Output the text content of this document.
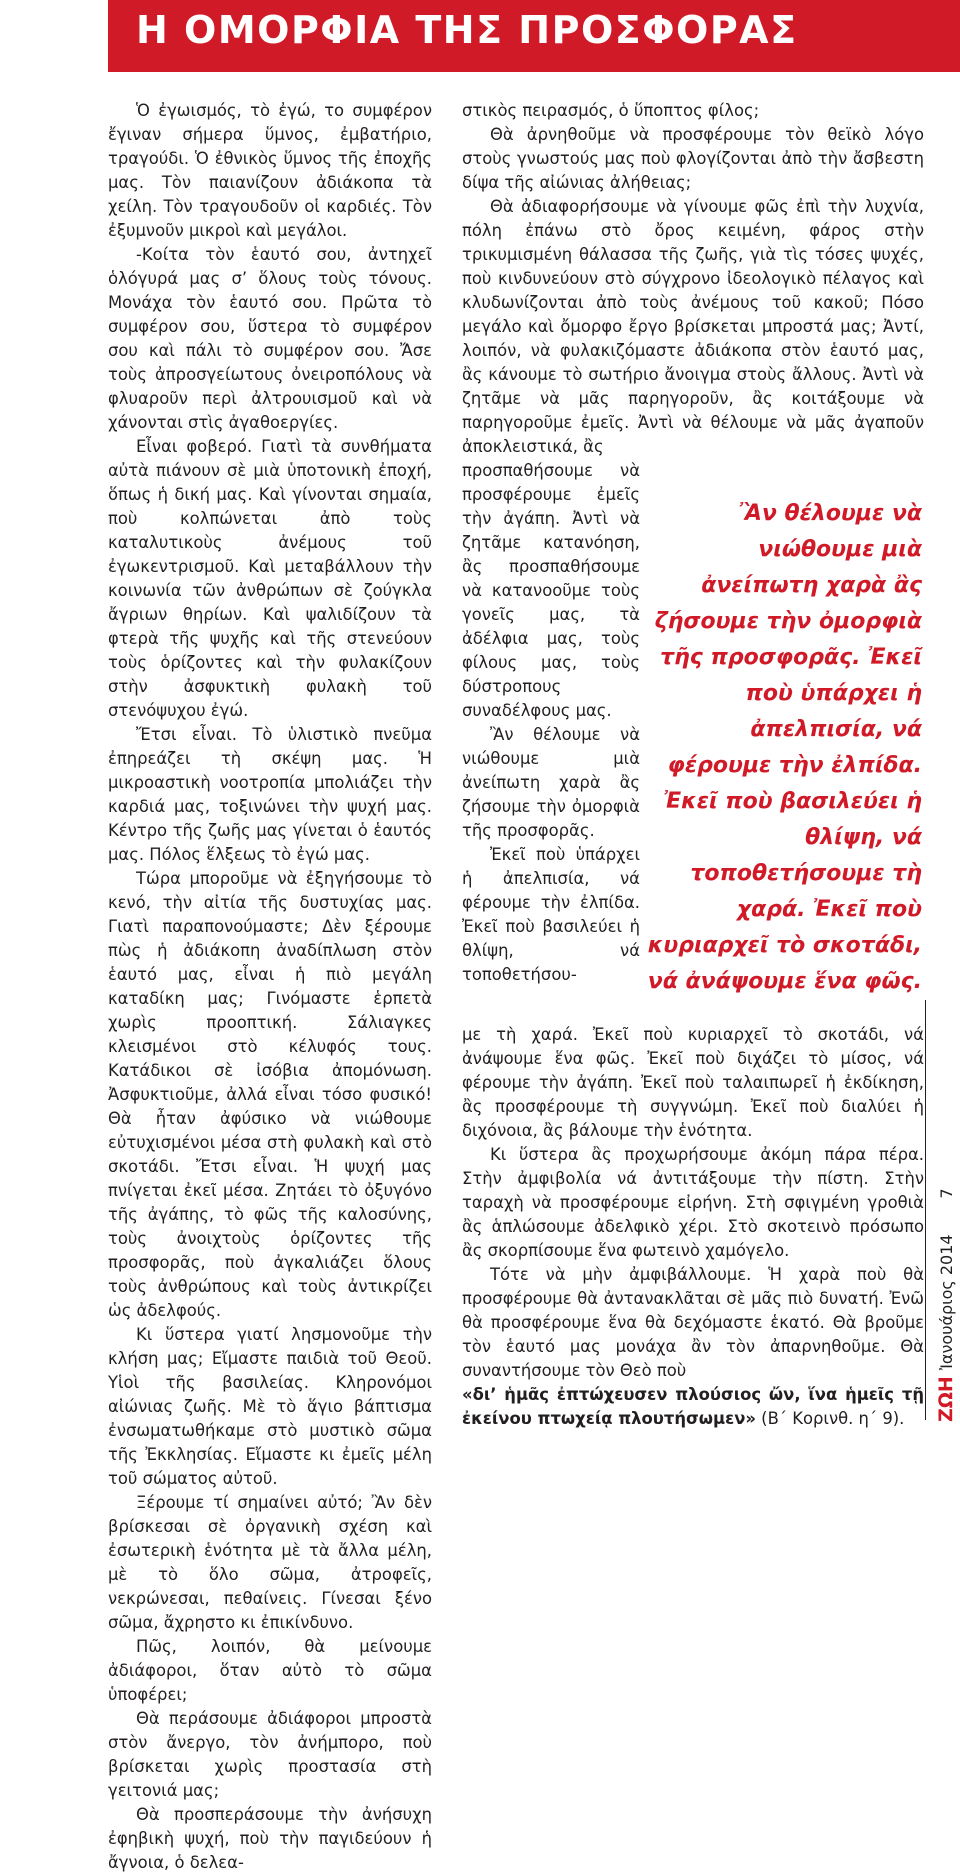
Η ΟΜΟΡΦΙΑ ΤΗΣ ΠΡΟΣΦΟΡΑΣ

Ὁ ἐγωισμός, τὸ ἐγώ, το συμφέρον ἔγιναν σήμερα ὕμνος, ἐμβατήριο, τραγούδι. Ὁ ἐθνικὸς ὕμνος τῆς ἐποχῆς μας. Τὸν παιανίζουν ἀδιάκοπα τὰ χείλη. Τὸν τραγουδοῦν οἱ καρδιές. Τὸν ἐξυμνοῦν μικροὶ καὶ μεγάλοι.

-Κοίτα τὸν ἑαυτό σου, ἀντηχεῖ ὁλόγυρά μας σ’ ὅλους τοὺς τόνους. Μονάχα τὸν ἑαυτό σου. Πρῶτα τὸ συμφέρον σου, ὕστερα τὸ συμφέρον σου καὶ πάλι τὸ συμφέρον σου. Ἄσε τοὺς ἀπροσγείωτους ὀνειροπόλους νὰ φλυαροῦν περὶ ἀλτρουισμοῦ καὶ νὰ χάνονται στὶς ἀγαθοεργίες.

Εἶναι φοβερό. Γιατὶ τὰ συνθήματα αὐτὰ πιάνουν σὲ μιὰ ὑποτονικὴ ἐποχή, ὅπως ἡ δική μας. Καὶ γίνονται σημαία, ποὺ κολπώνεται ἀπὸ τοὺς καταλυτικοὺς ἀνέμους τοῦ ἐγωκεντρισμοῦ. Καὶ μεταβάλλουν τὴν κοινωνία τῶν ἀνθρώπων σὲ ζούγκλα ἄγριων θηρίων. Καὶ ψαλιδίζουν τὰ φτερὰ τῆς ψυχῆς καὶ τῆς στενεύουν τοὺς ὁρίζοντες καὶ τὴν φυλακίζουν στὴν ἀσφυκτικὴ φυλακὴ τοῦ στενόψυχου ἐγώ.

Ἔτσι εἶναι. Τὸ ὑλιστικὸ πνεῦμα ἐπηρεάζει τὴ σκέψη μας. Ἡ μικροαστικὴ νοοτροπία μπολιάζει τὴν καρδιά μας, τοξινώνει τὴν ψυχή μας. Κέντρο τῆς ζωῆς μας γίνεται ὁ ἑαυτός μας. Πόλος ἕλξεως τὸ ἐγώ μας.

Τώρα μποροῦμε νὰ ἐξηγήσουμε τὸ κενό, τὴν αἰτία τῆς δυστυχίας μας. Γιατὶ παραπονούμαστε; Δὲν ξέρουμε πὼς ἡ ἀδιάκοπη ἀναδίπλωση στὸν ἑαυτό μας, εἶναι ἡ πιὸ μεγάλη καταδίκη μας; Γινόμαστε ἑρπετὰ χωρὶς προοπτική. Σάλιαγκες κλεισμένοι στὸ κέλυφός τους. Κατάδικοι σὲ ἰσόβια ἀπομόνωση. Ἀσφυκτιοῦμε, ἀλλά εἶναι τόσο φυσικό! Θὰ ἦταν ἀφύσικο νὰ νιώθουμε εὐτυχισμένοι μέσα στὴ φυλακὴ καὶ στὸ σκοτάδι. Ἔτσι εἶναι. Ἡ ψυχή μας πνίγεται ἐκεῖ μέσα. Ζητάει τὸ ὀξυγόνο τῆς ἀγάπης, τὸ φῶς τῆς καλοσύνης, τοὺς ἀνοιχτοὺς ὁρίζοντες τῆς προσφορᾶς, ποὺ ἀγκαλιάζει ὅλους τοὺς ἀνθρώπους καὶ τοὺς ἀντικρίζει ὡς ἀδελφούς.

Κι ὕστερα γιατί λησμονοῦμε τὴν κλήση μας; Εἴμαστε παιδιὰ τοῦ Θεοῦ. Υἱοὶ τῆς βασιλείας. Κληρονόμοι αἰώνιας ζωῆς. Μὲ τὸ ἅγιο βάπτισμα ἐνσωματωθήκαμε στὸ μυστικὸ σῶμα τῆς Ἐκκλησίας. Εἴμαστε κι ἐμεῖς μέλη τοῦ σώματος αὐτοῦ.

Ξέρουμε τί σημαίνει αὐτό; Ἂν δὲν βρίσκεσαι σὲ ὀργανικὴ σχέση καὶ ἐσωτερικὴ ἑνότητα μὲ τὰ ἄλλα μέλη, μὲ τὸ ὅλο σῶμα, ἀτροφεῖς, νεκρώνεσαι, πεθαίνεις. Γίνεσαι ξένο σῶμα, ἄχρηστο κι ἐπικίνδυνο.

Πῶς, λοιπόν, θὰ μείνουμε ἀδιάφοροι, ὅταν αὐτὸ τὸ σῶμα ὑποφέρει;

Θὰ περάσουμε ἀδιάφοροι μπροστὰ στὸν ἄνεργο, τὸν ἀνήμπορο, ποὺ βρίσκεται χωρὶς προστασία στὴ γειτονιά μας;

Θὰ προσπεράσουμε τὴν ἀνήσυχη ἐφηβικὴ ψυχή, ποὺ τὴν παγιδεύουν ἡ ἄγνοια, ὁ δελεα-

στικὸς πειρασμός, ὁ ὕποπτος φίλος;

Θὰ ἀρνηθοῦμε νὰ προσφέρουμε τὸν θεϊκὸ λόγο στοὺς γνωστούς μας ποὺ φλογίζονται ἀπὸ τὴν ἄσβεστη δίψα τῆς αἰώνιας ἀλήθειας;

Θὰ ἀδιαφορήσουμε νὰ γίνουμε φῶς ἐπὶ τὴν λυχνία, πόλη ἐπάνω στὸ ὄρος κειμένη, φάρος στὴν τρικυμισμένη θάλασσα τῆς ζωῆς, γιὰ τὶς τόσες ψυχές, ποὺ κινδυνεύουν στὸ σύγχρονο ἰδεολογικὸ πέλαγος καὶ κλυδωνίζονται ἀπὸ τοὺς ἀνέμους τοῦ κακοῦ; Πόσο μεγάλο καὶ ὄμορφο ἔργο βρίσκεται μπροστά μας; Ἀντί, λοιπόν, νὰ φυλακιζόμαστε ἀδιάκοπα στὸν ἑαυτό μας, ἂς κάνουμε τὸ σωτήριο ἄνοιγμα στοὺς ἄλλους. Ἀντὶ νὰ ζητᾶμε νὰ μᾶς παρηγοροῦν, ἂς κοιτάξουμε νὰ παρηγοροῦμε ἐμεῖς. Ἀντὶ νὰ θέλουμε νὰ μᾶς ἀγαποῦν ἀποκλειστικά, ἂς

προσπαθήσουμε νὰ προσφέρουμε ἐμεῖς τὴν ἀγάπη. Ἀντὶ νὰ ζητᾶμε κατανόηση, ἂς προσπαθήσουμε νὰ κατανοοῦμε τοὺς γονεῖς μας, τὰ ἀδέλφια μας, τοὺς φίλους μας, τοὺς δύστροπους συναδέλφους μας.

Ἂν θέλουμε νὰ νιώθουμε μιὰ ἀνείπωτη χαρὰ ἂς ζήσουμε τὴν ὀμορφιὰ τῆς προσφορᾶς.

Ἐκεῖ ποὺ ὑπάρχει ἡ ἀπελπισία, νά φέρουμε τὴν ἐλπίδα. Ἐκεῖ ποὺ βασιλεύει ἡ θλίψη, νά τοποθετήσου-

με τὴ χαρά. Ἐκεῖ ποὺ κυριαρχεῖ τὸ σκοτάδι, νά ἀνάψουμε ἕνα φῶς. Ἐκεῖ ποὺ διχάζει τὸ μίσος, νά φέρουμε τὴν ἀγάπη. Ἐκεῖ ποὺ ταλαιπωρεῖ ἡ ἐκδίκηση, ἂς προσφέρουμε τὴ συγγνώμη. Ἐκεῖ ποὺ διαλύει ἡ διχόνοια, ἂς βάλουμε τὴν ἑνότητα.

Κι ὕστερα ἂς προχωρήσουμε ἀκόμη πάρα πέρα. Στὴν ἀμφιβολία νά ἀντιτάξουμε τὴν πίστη. Στὴν ταραχὴ νὰ προσφέρουμε εἰρήνη. Στὴ σφιγμένη γροθιὰ ἂς ἁπλώσουμε ἀδελφικὸ χέρι. Στὸ σκοτεινὸ πρόσωπο ἂς σκορπίσουμε ἕνα φωτεινὸ χαμόγελο.

Τότε νὰ μὴν ἀμφιβάλλουμε. Ἡ χαρὰ ποὺ θὰ προσφέρουμε θὰ ἀντανακλᾶται σὲ μᾶς πιὸ δυνατή. Ἐνῶ θὰ προσφέρουμε ἕνα θὰ δεχόμαστε ἑκατό. Θὰ βροῦμε τὸν ἑαυτό μας μονάχα ἂν τὸν ἀπαρνηθοῦμε. Θὰ συναντήσουμε τὸν Θεὸ ποὺ

«δι’ ἡμᾶς ἐπτώχευσεν πλούσιος ὤν, ἵνα ἡμεῖς τῇ ἐκείνου πτωχείᾳ πλουτήσωμεν» (Β΄ Κορινθ. η΄ 9).

Ἂν θέλουμε νὰ νιώθουμε μιὰ ἀνείπωτη χαρὰ ἂς ζήσουμε τὴν ὀμορφιὰ τῆς προσφορᾶς. Ἐκεῖ ποὺ ὑπάρχει ἡ ἀπελπισία, νά φέρουμε τὴν ἐλπίδα. Ἐκεῖ ποὺ βασιλεύει ἡ θλίψη, νά τοποθετήσουμε τὴ χαρά. Ἐκεῖ ποὺ κυριαρχεῖ τὸ σκοτάδι, νά ἀνάψουμε ἕνα φῶς.
ΖΩΗἸανουάριος 20147
